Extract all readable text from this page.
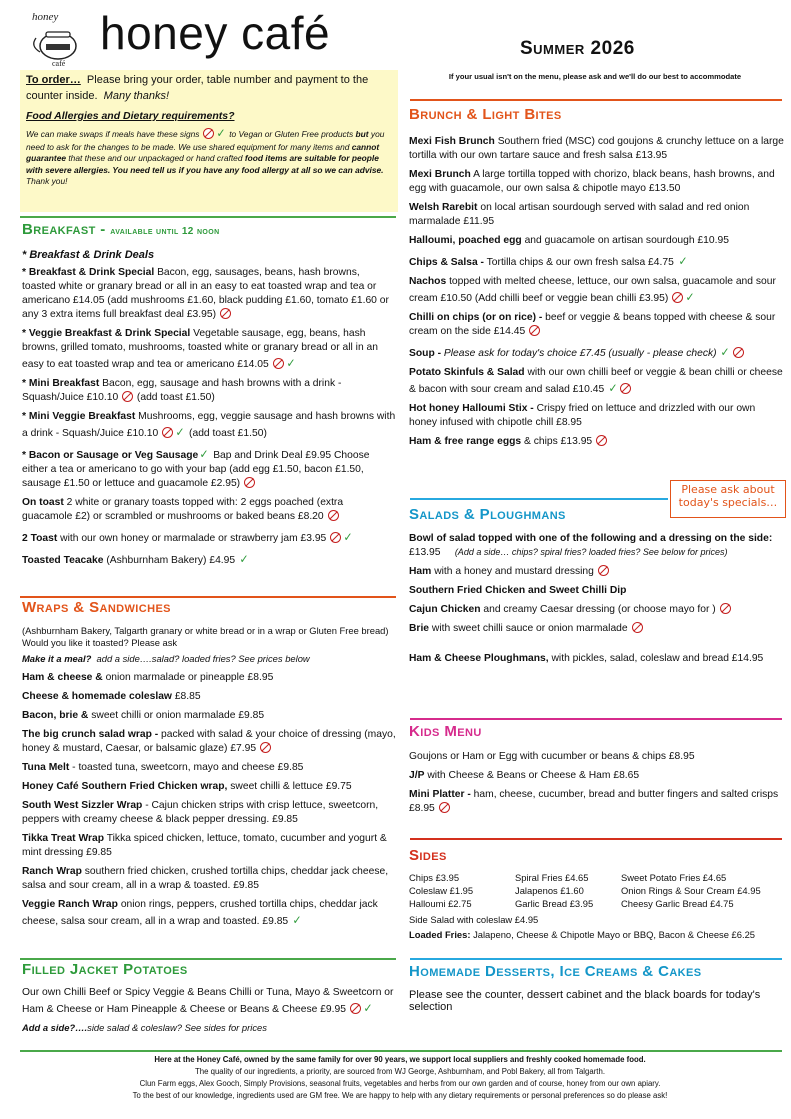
honey
café
honey café	Summer 2026
If your usual isn't on the menu, please ask and we'll do our best to accommodate
To order… Please bring your order, table number and payment to the counter inside. Many thanks!
Food Allergies and Dietary requirements?
We can make swaps if meals have these signs ✓ to Vegan or Gluten Free products but you need to ask for the changes to be made. We use shared equipment for many items and cannot guarantee that these and our unpackaged or hand crafted food items are suitable for people with severe allergies. You need tell us if you have any food allergy at all so we can advise. Thank you!
Breakfast - available until 12 noon
* Breakfast & Drink Deals
* Breakfast & Drink Special Bacon, egg, sausages, beans, hash browns, toasted white or granary bread or all in an easy to eat toasted wrap and tea or americano £14.05 (add mushrooms £1.60, black pudding £1.60, tomato £1.60 or any 3 extra items full breakfast deal £3.95)
* Veggie Breakfast & Drink Special Vegetable sausage, egg, beans, hash browns, grilled tomato, mushrooms, toasted white or granary bread or all in an easy to eat toasted wrap and tea or americano £14.05 ✓
* Mini Breakfast Bacon, egg, sausage and hash browns with a drink - Squash/Juice £10.10  (add toast £1.50)
* Mini Veggie Breakfast Mushrooms, egg, veggie sausage and hash browns with a drink - Squash/Juice £10.10 ✓ (add toast £1.50)
* Bacon or Sausage or Veg Sausage ✓ Bap and Drink Deal £9.95 Choose either a tea or americano to go with your bap (add egg £1.50, bacon £1.50, sausage £1.50 or lettuce and guacamole £2.95)
On toast 2 white or granary toasts topped with: 2 eggs poached (extra guacamole £2) or scrambled or mushrooms or baked beans £8.20
2 Toast with our own honey or marmalade or strawberry jam £3.95 ✓
Toasted Teacake (Ashburnham Bakery) £4.95 ✓
Wraps & Sandwiches
(Ashburnham Bakery, Talgarth granary or white bread or in a wrap or Gluten Free bread) Would you like it toasted? Please ask
Make it a meal? add a side….salad? loaded fries? See prices below
Ham & cheese & onion marmalade or pineapple £8.95
Cheese & homemade coleslaw £8.85
Bacon, brie & sweet chilli or onion marmalade £9.85
The big crunch salad wrap - packed with salad & your choice of dressing (mayo, honey & mustard, Caesar, or balsamic glaze) £7.95
Tuna Melt - toasted tuna, sweetcorn, mayo and cheese £9.85
Honey Café Southern Fried Chicken wrap, sweet chilli & lettuce £9.75
South West Sizzler Wrap - Cajun chicken strips with crisp lettuce, sweetcorn, peppers with creamy cheese & black pepper dressing. £9.85
Tikka Treat Wrap Tikka spiced chicken, lettuce, tomato, cucumber and yogurt & mint dressing £9.85
Ranch Wrap southern fried chicken, crushed tortilla chips, cheddar jack cheese, salsa and sour cream, all in a wrap & toasted. £9.85
Veggie Ranch Wrap onion rings, peppers, crushed tortilla chips, cheddar jack cheese, salsa sour cream, all in a wrap and toasted. £9.85 ✓
Filled Jacket Potatoes
Our own Chilli Beef or Spicy Veggie & Beans Chilli or Tuna, Mayo & Sweetcorn or Ham & Cheese or Ham Pineapple & Cheese or Beans & Cheese £9.95 ✓
Add a side?….side salad & coleslaw? See sides for prices
Brunch & Light Bites
Mexi Fish Brunch Southern fried (MSC) cod goujons & crunchy lettuce on a large tortilla with our own tartare sauce and fresh salsa £13.95
Mexi Brunch A large tortilla topped with chorizo, black beans, hash browns, and egg with guacamole, our own salsa & chipotle mayo £13.50
Welsh Rarebit on local artisan sourdough served with salad and red onion marmalade £11.95
Halloumi, poached egg and guacamole on artisan sourdough £10.95
Chips & Salsa - Tortilla chips & our own fresh salsa £4.75 ✓
Nachos topped with melted cheese, lettuce, our own salsa, guacamole and sour cream £10.50 (Add chilli beef or veggie bean chilli £3.95) ✓
Chilli on chips (or on rice) - beef or veggie & beans topped with cheese & sour cream on the side £14.45
Soup - Please ask for today's choice £7.45 (usually - please check) ✓
Potato Skinfuls & Salad with our own chilli beef or veggie & bean chilli or cheese & bacon with sour cream and salad £10.45 ✓
Hot honey Halloumi Stix - Crispy fried on lettuce and drizzled with our own honey infused with chipotle chill £8.95
Ham & free range eggs & chips £13.95
Please ask about today's specials…
Salads & Ploughmans
Bowl of salad topped with one of the following and a dressing on the side:
£13.95 (Add a side… chips? spiral fries? loaded fries? See below for prices)
Ham with a honey and mustard dressing
Southern Fried Chicken and Sweet Chilli Dip
Cajun Chicken and creamy Caesar dressing (or choose mayo for )
Brie with sweet chilli sauce or onion marmalade
Ham & Cheese Ploughmans, with pickles, salad, coleslaw and bread £14.95
Kids Menu
Goujons or Ham or Egg with cucumber or beans & chips £8.95
J/P with Cheese & Beans or Cheese & Ham £8.65
Mini Platter - ham, cheese, cucumber, bread and butter fingers and salted crisps £8.95
Sides
Chips £3.95	Spiral Fries £4.65	Sweet Potato Fries £4.65
Coleslaw £1.95	Jalapenos £1.60	Onion Rings & Sour Cream £4.95
Halloumi £2.75	Garlic Bread £3.95	Cheesy Garlic Bread £4.75
Side Salad with coleslaw £4.95
Loaded Fries: Jalapeno, Cheese & Chipotle Mayo or BBQ, Bacon & Cheese £6.25
Homemade Desserts, Ice Creams & Cakes
Please see the counter, dessert cabinet and the black boards for today's selection
Here at the Honey Café, owned by the same family for over 90 years, we support local suppliers and freshly cooked homemade food.
The quality of our ingredients, a priority, are sourced from WJ George, Ashburnham, and Pobl Bakery, all from Talgarth.
Clun Farm eggs, Alex Gooch, Simply Provisions, seasonal fruits, vegetables and herbs from our own garden and of course, honey from our own apiary.
To the best of our knowledge, ingredients used are GM free. We are happy to help with any dietary requirements or personal preferences so do please ask!
